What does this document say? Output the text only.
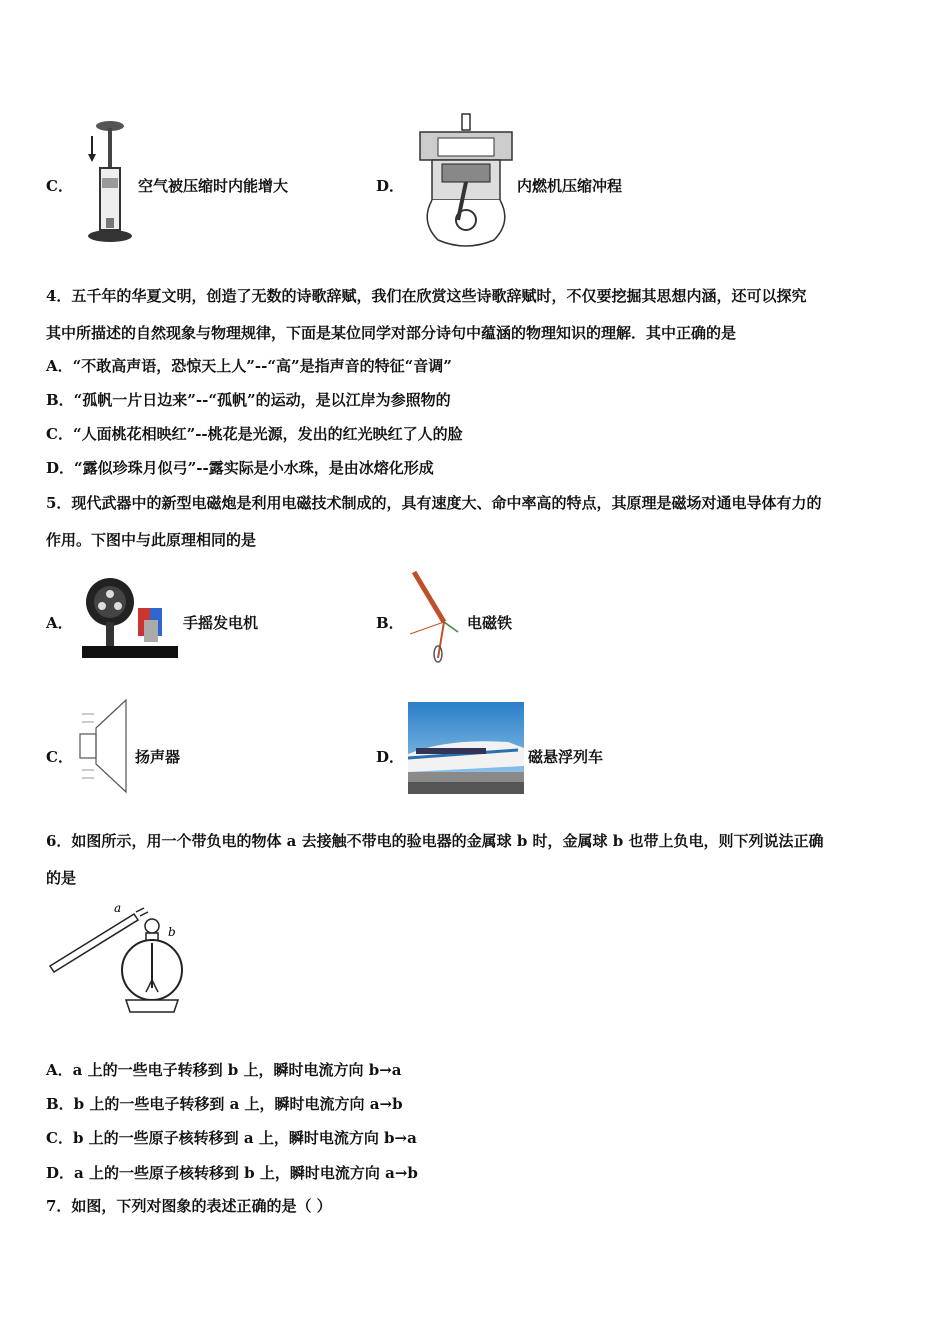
C．	空气被压缩时内能增大	D．	内燃机压缩冲程
4．五千年的华夏文明，创造了无数的诗歌辞赋，我们在欣赏这些诗歌辞赋时，不仅要挖掘其思想内涵，还可以探究
其中所描述的自然现象与物理规律，下面是某位同学对部分诗句中蕴涵的物理知识的理解．其中正确的是
A．“不敢高声语，恐惊天上人”--“高”是指声音的特征“音调”
B．“孤帆一片日边来”--“孤帆”的运动，是以江岸为参照物的
C．“人面桃花相映红”--桃花是光源，发出的红光映红了人的脸
D．“露似珍珠月似弓”--露实际是小水珠，是由冰熔化形成
5．现代武器中的新型电磁炮是利用电磁技术制成的，具有速度大、命中率高的特点，其原理是磁场对通电导体有力的
作用。下图中与此原理相同的是
A．	手摇发电机	B．	电磁铁
C．	扬声器	D．	磁悬浮列车
6．如图所示，用一个带负电的物体 a 去接触不带电的验电器的金属球 b 时，金属球 b 也带上负电，则下列说法正确
的是
a
b
A．a 上的一些电子转移到 b 上，瞬时电流方向 b→a
B．b 上的一些电子转移到 a 上，瞬时电流方向 a→b
C．b 上的一些原子核转移到 a 上，瞬时电流方向 b→a
D．a 上的一些原子核转移到 b 上，瞬时电流方向 a→b
7．如图，下列对图象的表述正确的是（ ）
